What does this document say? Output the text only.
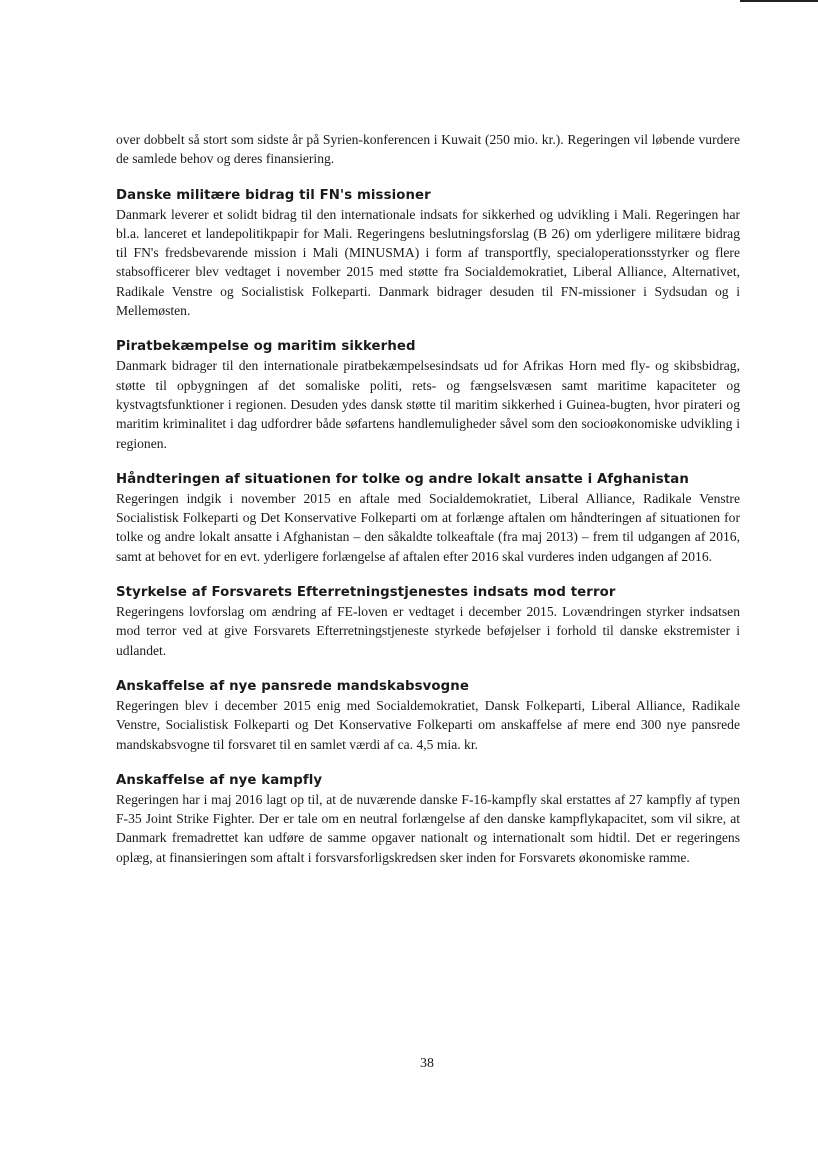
over dobbelt så stort som sidste år på Syrien-konferencen i Kuwait (250 mio. kr.). Regeringen vil løbende vurdere de samlede behov og deres finansiering.

Danske militære bidrag til FN's missioner

Danmark leverer et solidt bidrag til den internationale indsats for sikkerhed og udvikling i Mali. Regeringen har bl.a. lanceret et landepolitikpapir for Mali. Regeringens beslutningsforslag (B 26) om yderligere militære bidrag til FN's fredsbevarende mission i Mali (MINUSMA) i form af transportfly, specialoperationsstyrker og flere stabsofficerer blev vedtaget i november 2015 med støtte fra Socialdemokratiet, Liberal Alliance, Alternativet, Radikale Venstre og Socialistisk Folkeparti. Danmark bidrager desuden til FN-missioner i Sydsudan og i Mellemøsten.

Piratbekæmpelse og maritim sikkerhed

Danmark bidrager til den internationale piratbekæmpelsesindsats ud for Afrikas Horn med fly- og skibsbidrag, støtte til opbygningen af det somaliske politi, rets- og fængselsvæsen samt maritime kapaciteter og kystvagtsfunktioner i regionen. Desuden ydes dansk støtte til maritim sikkerhed i Guinea-bugten, hvor pirateri og maritim kriminalitet i dag udfordrer både søfartens handlemuligheder såvel som den socioøkonomiske udvikling i regionen.

Håndteringen af situationen for tolke og andre lokalt ansatte i Afghanistan

Regeringen indgik i november 2015 en aftale med Socialdemokratiet, Liberal Alliance, Radikale Venstre Socialistisk Folkeparti og Det Konservative Folkeparti om at forlænge aftalen om håndteringen af situationen for tolke og andre lokalt ansatte i Afghanistan – den såkaldte tolkeaftale (fra maj 2013) – frem til udgangen af 2016, samt at behovet for en evt. yderligere forlængelse af aftalen efter 2016 skal vurderes inden udgangen af 2016.

Styrkelse af Forsvarets Efterretningstjenestes indsats mod terror

Regeringens lovforslag om ændring af FE-loven er vedtaget i december 2015. Lovændringen styrker indsatsen mod terror ved at give Forsvarets Efterretningstjeneste styrkede beføjelser i forhold til danske ekstremister i udlandet.

Anskaffelse af nye pansrede mandskabsvogne

Regeringen blev i december 2015 enig med Socialdemokratiet, Dansk Folkeparti, Liberal Alliance, Radikale Venstre, Socialistisk Folkeparti og Det Konservative Folkeparti om anskaffelse af mere end 300 nye pansrede mandskabsvogne til forsvaret til en samlet værdi af ca. 4,5 mia. kr.

Anskaffelse af nye kampfly

Regeringen har i maj 2016 lagt op til, at de nuværende danske F-16-kampfly skal erstattes af 27 kampfly af typen F-35 Joint Strike Fighter. Der er tale om en neutral forlængelse af den danske kampflykapacitet, som vil sikre, at Danmark fremadrettet kan udføre de samme opgaver nationalt og internationalt som hidtil. Det er regeringens oplæg, at finansieringen som aftalt i forsvarsforligskredsen sker inden for Forsvarets økonomiske ramme.

38
